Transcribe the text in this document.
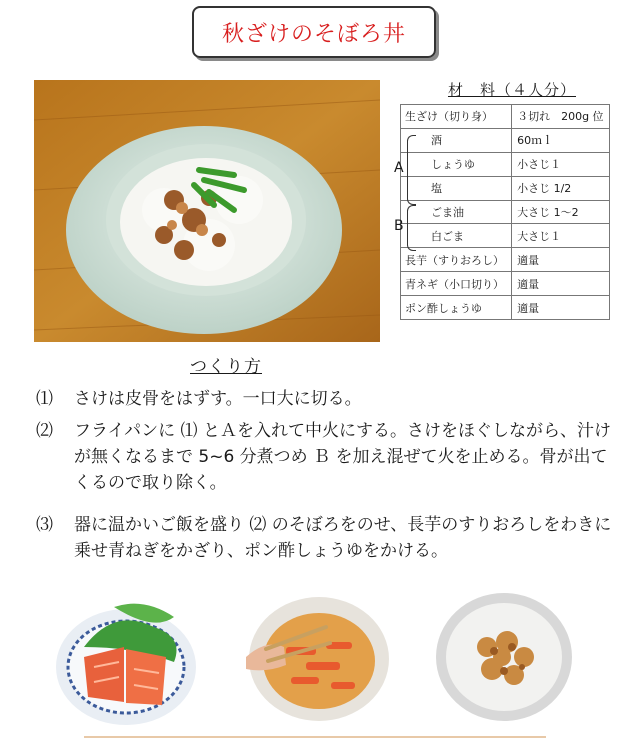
秋ざけのそぼろ丼
材　料（４人分）
生ざけ（切り身）	３切れ　200g 位
酒	60ｍｌ
しょうゆ	小さじ１
塩	小さじ 1/2
ごま油	大さじ 1～2
白ごま	大さじ１
長芋（すりおろし）	適量
青ネギ（小口切り）	適量
ポン酢しょうゆ	適量
A
B
つくり方
⑴ さけは皮骨をはずす。一口大に切る。
⑵ フライパンに ⑴ とＡを入れて中火にする。さけをほぐしながら、汁けが無くなるまで 5~6 分煮つめ Ｂ を加え混ぜて火を止める。骨が出てくるので取り除く。
⑶ 器に温かいご飯を盛り ⑵ のそぼろをのせ、長芋のすりおろしをわきに乗せ青ねぎをかざり、ポン酢しょうゆをかける。
